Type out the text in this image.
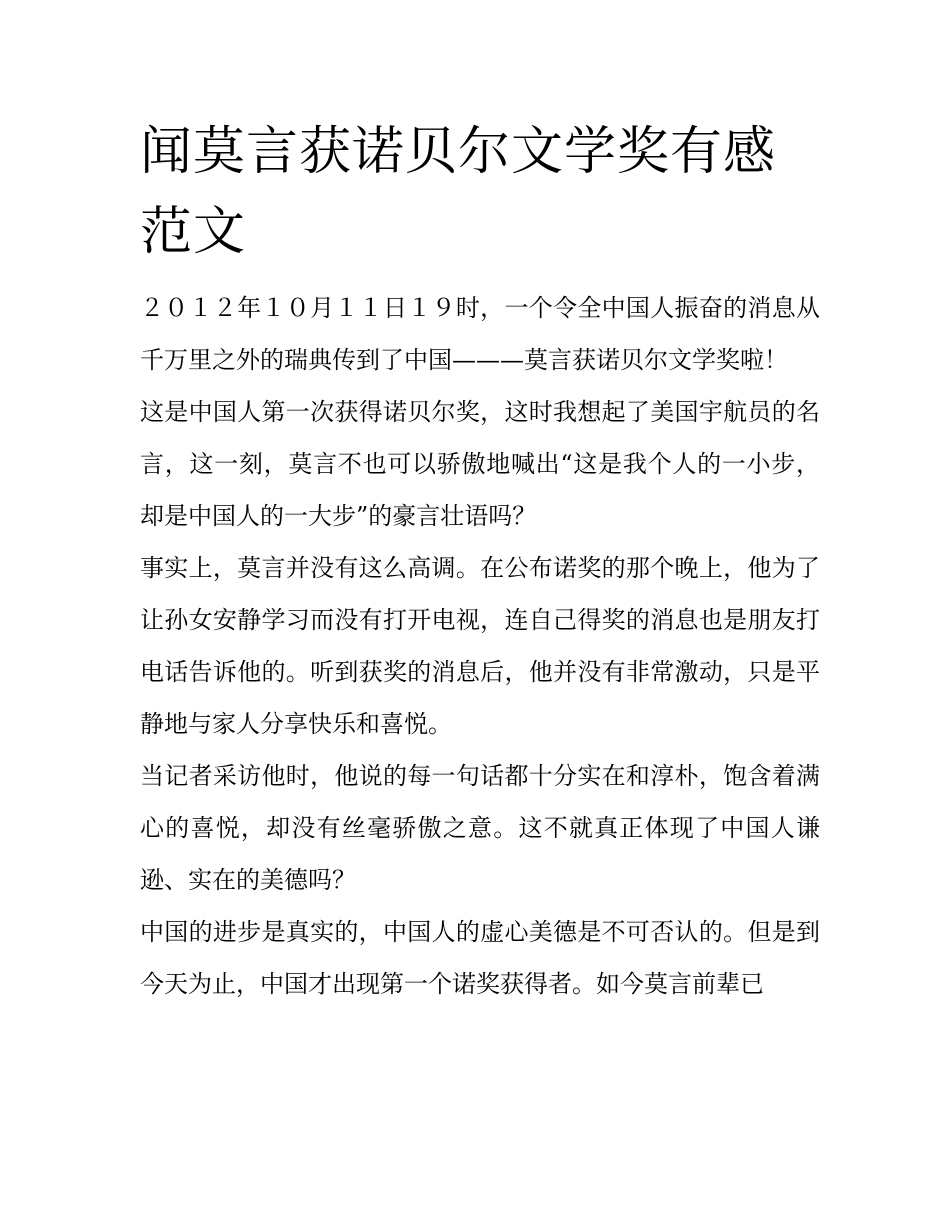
闻莫言获诺贝尔文学奖有感范文

２０１２年１０月１１日１９时，一个令全中国人振奋的消息从千万里之外的瑞典传到了中国———莫言获诺贝尔文学奖啦！

这是中国人第一次获得诺贝尔奖，这时我想起了美国宇航员的名言，这一刻，莫言不也可以骄傲地喊出“这是我个人的一小步，却是中国人的一大步”的豪言壮语吗？

事实上，莫言并没有这么高调。在公布诺奖的那个晚上，他为了让孙女安静学习而没有打开电视，连自己得奖的消息也是朋友打电话告诉他的。听到获奖的消息后，他并没有非常激动，只是平静地与家人分享快乐和喜悦。

当记者采访他时，他说的每一句话都十分实在和淳朴，饱含着满心的喜悦，却没有丝毫骄傲之意。这不就真正体现了中国人谦逊、实在的美德吗？

中国的进步是真实的，中国人的虚心美德是不可否认的。但是到今天为止，中国才出现第一个诺奖获得者。如今莫言前辈已
